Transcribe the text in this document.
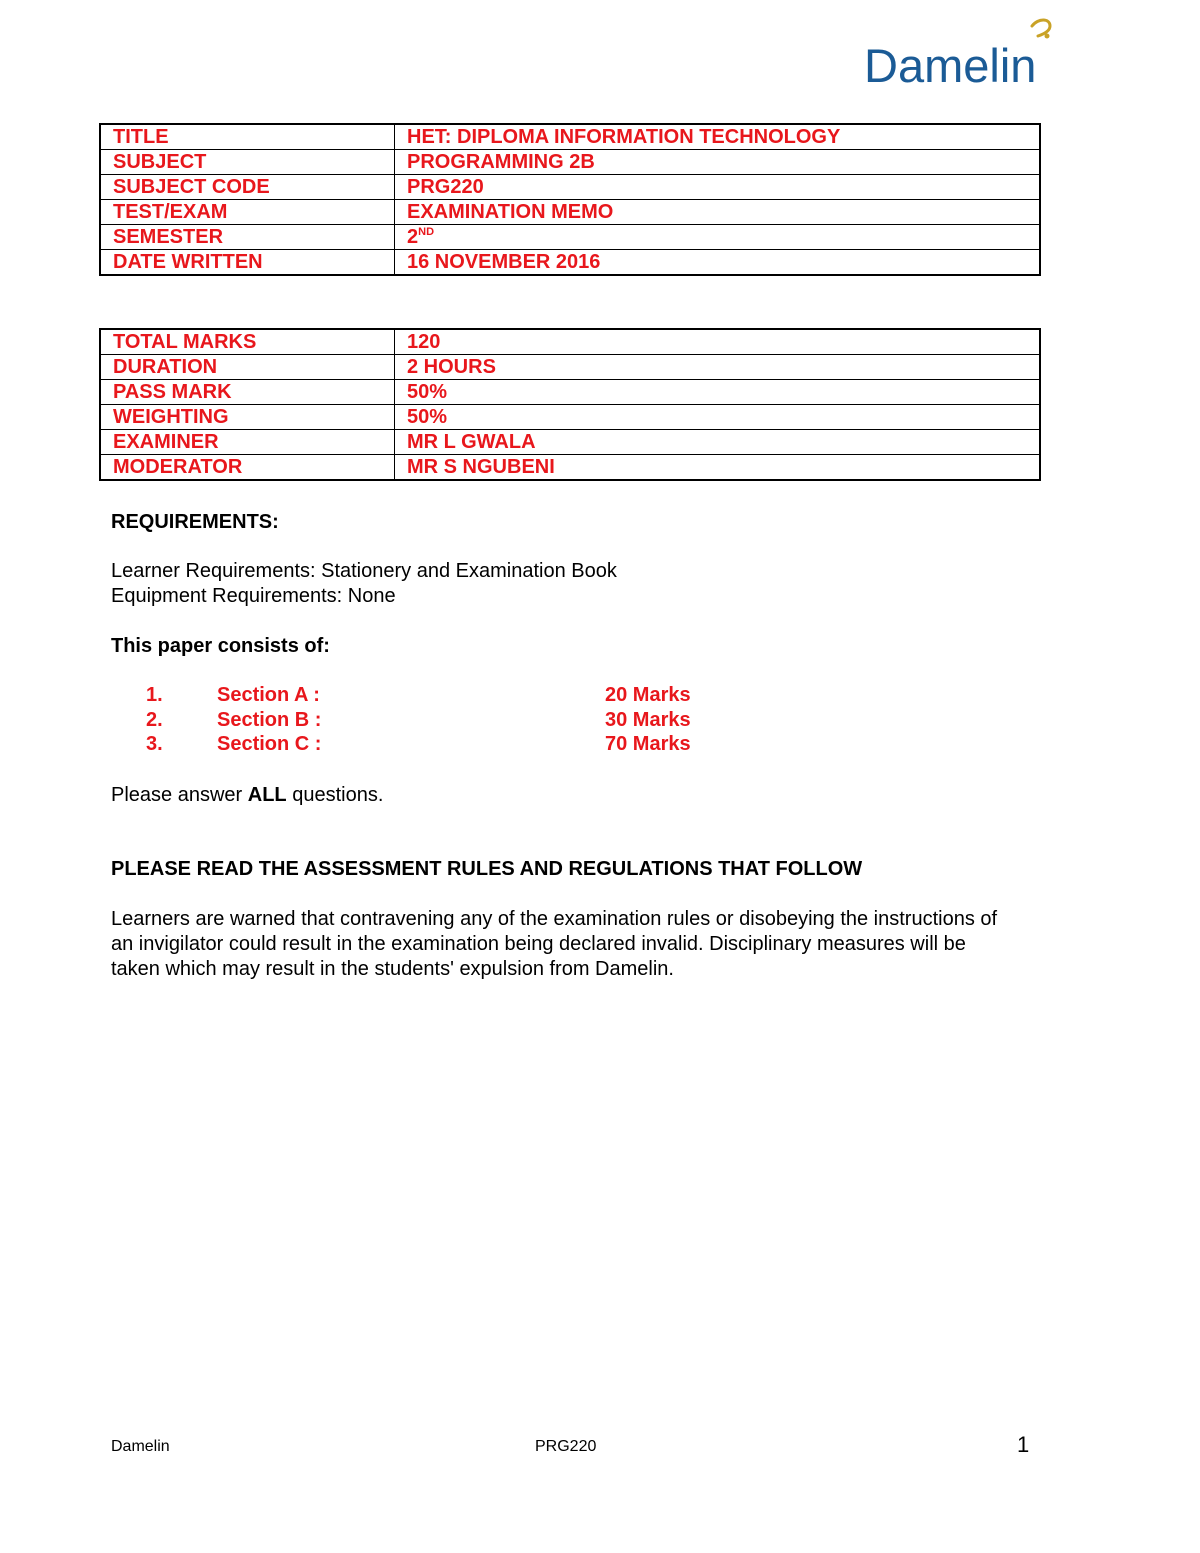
Damelin
TITLE	HET: DIPLOMA INFORMATION TECHNOLOGY
SUBJECT	PROGRAMMING 2B
SUBJECT CODE	PRG220
TEST/EXAM	EXAMINATION MEMO
SEMESTER	2ND
DATE WRITTEN	16 NOVEMBER 2016
TOTAL MARKS	120
DURATION	2 HOURS
PASS MARK	50%
WEIGHTING	50%
EXAMINER	MR L GWALA
MODERATOR	MR S NGUBENI
REQUIREMENTS:
Learner Requirements: Stationery and Examination Book
Equipment Requirements: None
This paper consists of:
1.	Section A :	20 Marks
2.	Section B :	30 Marks
3.	Section C :	70 Marks
Please answer ALL questions.
PLEASE READ THE ASSESSMENT RULES AND REGULATIONS THAT FOLLOW
Learners are warned that contravening any of the examination rules or disobeying the instructions of
an invigilator could result in the examination being declared invalid. Disciplinary measures will be
taken which may result in the students' expulsion from Damelin.
Damelin	PRG220	1
